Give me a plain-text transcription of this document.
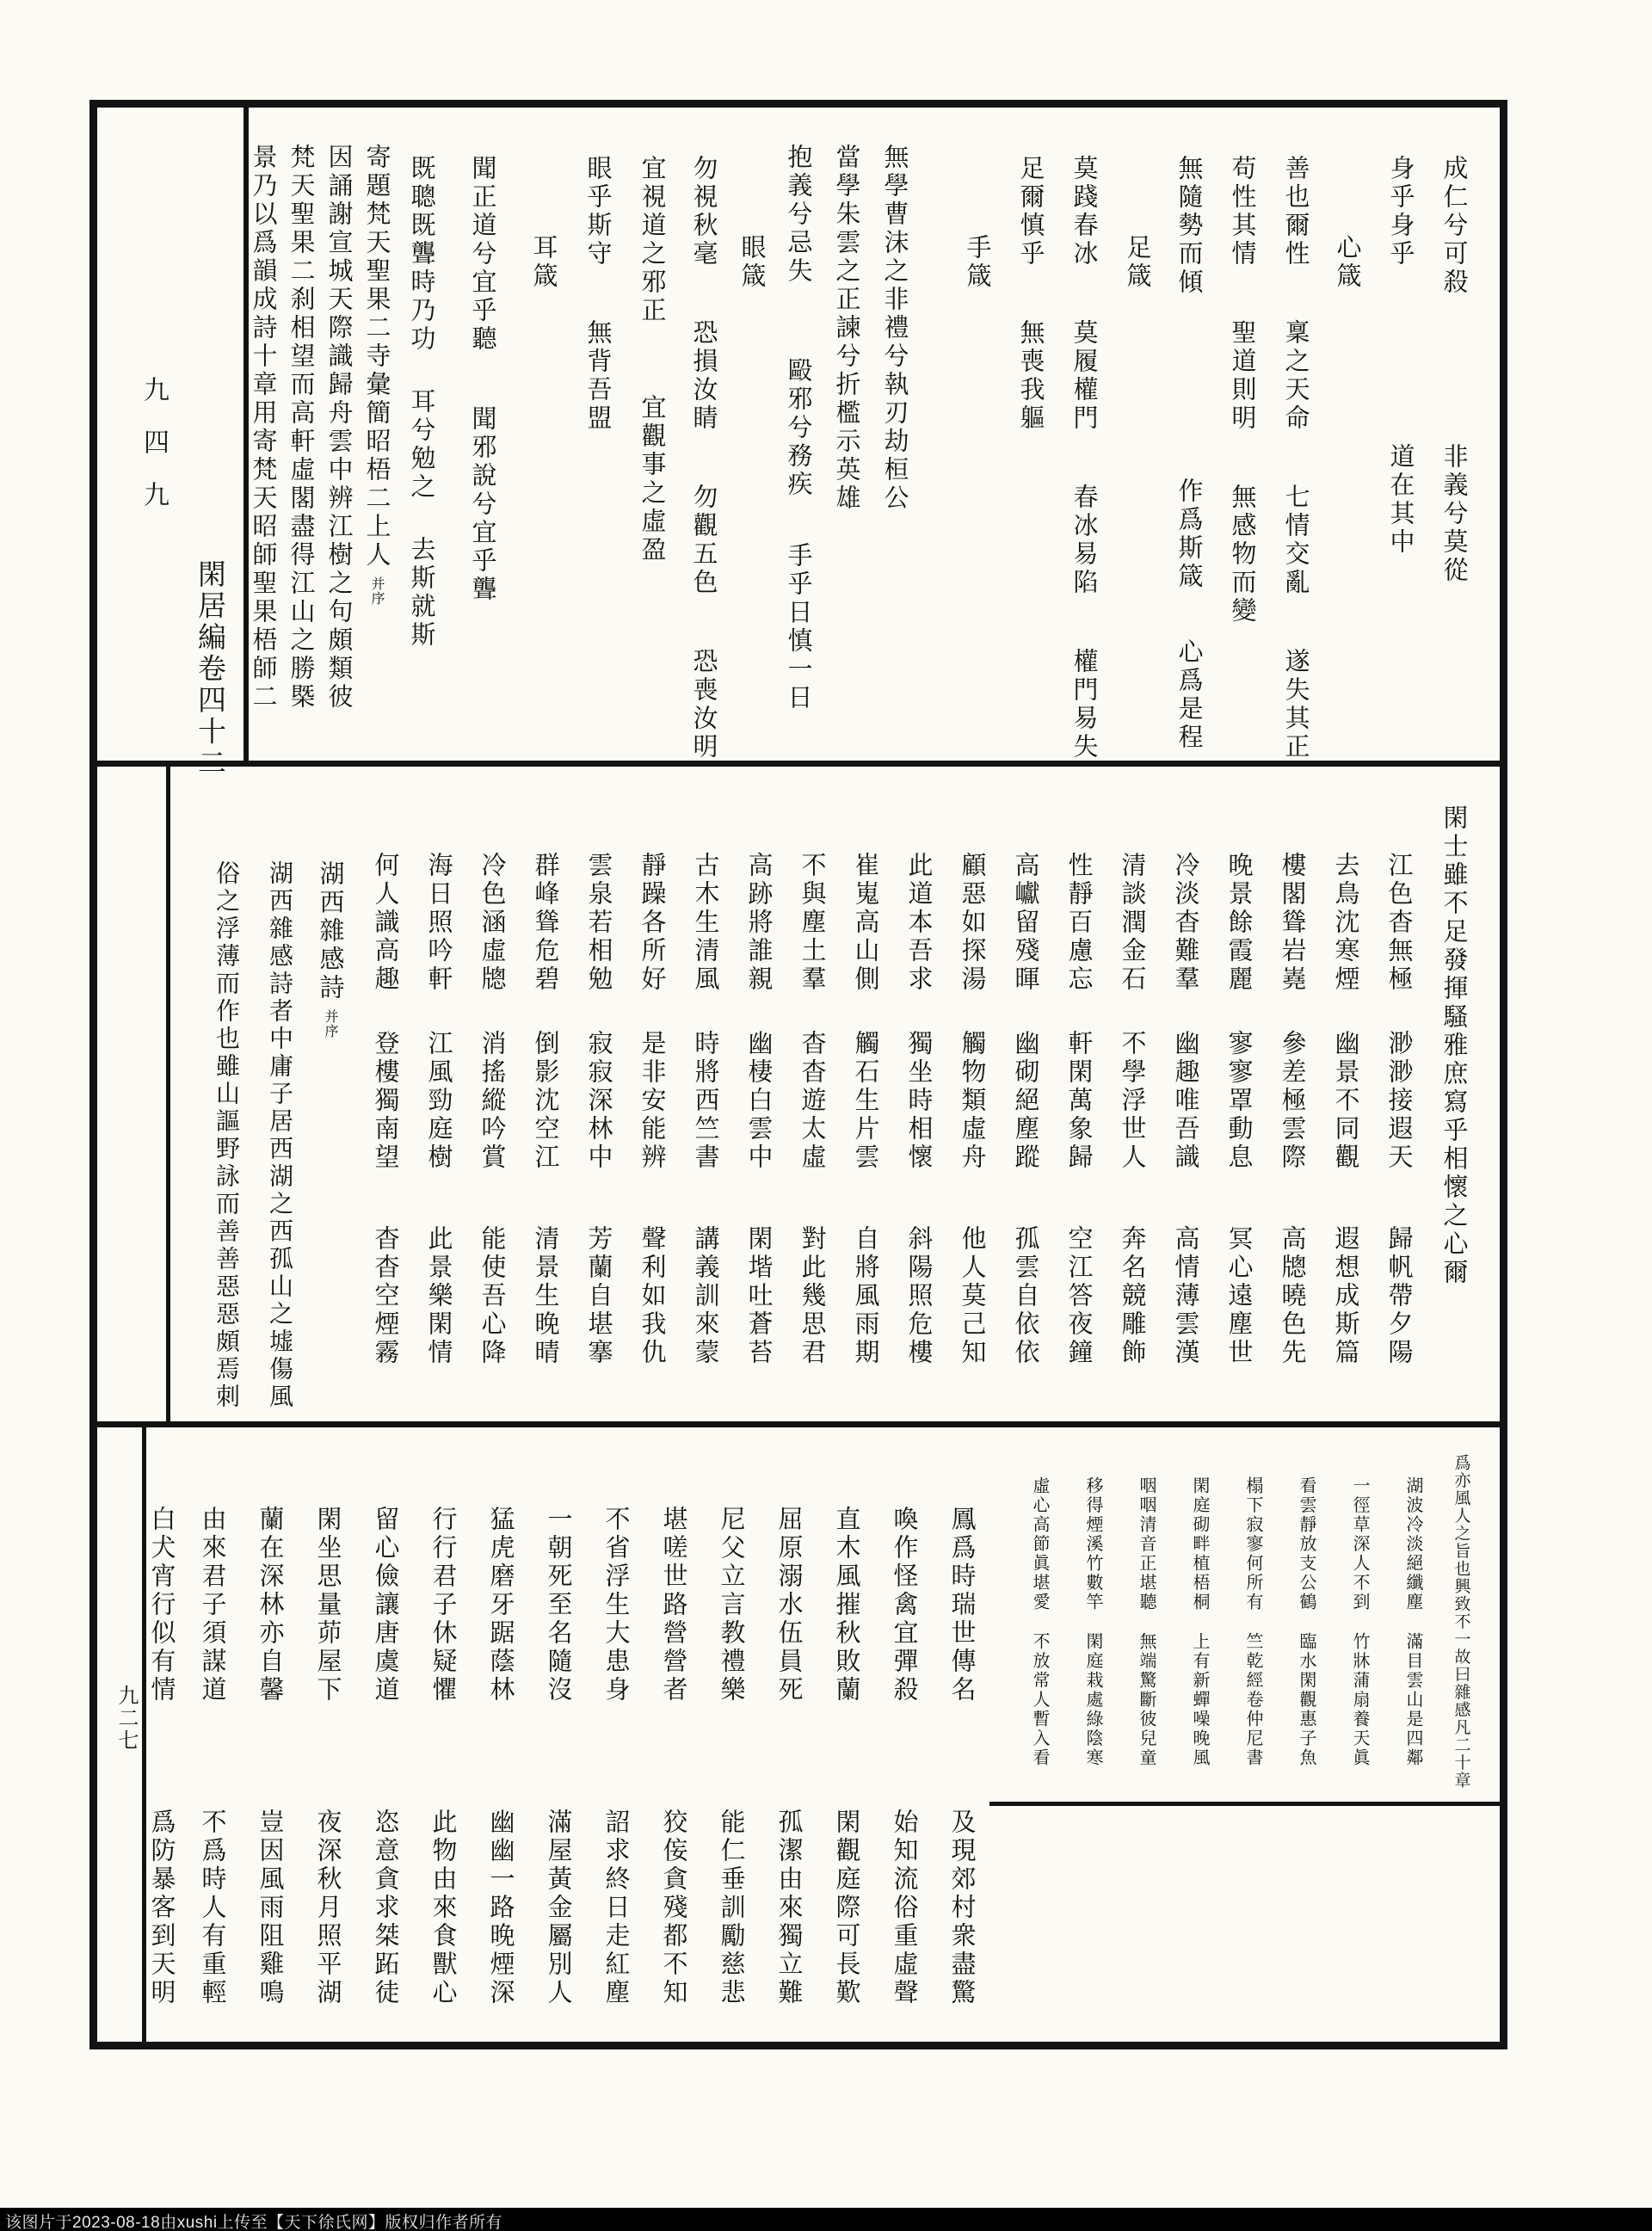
九四九
閑居編卷四十二
九二七
成仁兮可殺
非義兮莫從
身乎身乎
道在其中
心箴
善也爾性
稟之天命
七情交亂
遂失其正
苟性其情
聖道則明
無感物而變
無隨勢而傾
作爲斯箴
心爲是程
足箴
莫踐春冰
莫履權門
春冰易陷
權門易失
足爾慎乎
無喪我軀
手箴
無學曹沫之非禮兮執刃劫桓公
當學朱雲之正諫兮折檻示英雄
抱義兮忌失
毆邪兮務疾
手乎日慎一日
眼箴
勿視秋毫
恐損汝睛
勿觀五色
恐喪汝明
宜視道之邪正
宜觀事之虛盈
眼乎斯守
無背吾盟
耳箴
聞正道兮宜乎聽
聞邪說兮宜乎聾
既聰既聾時乃功
耳兮勉之
去斯就斯
寄題梵天聖果二寺彙簡昭梧二上人
并序
因誦謝宣城天際識歸舟雲中辨江樹之句頗類彼
梵天聖果二刹相望而高軒虛閣盡得江山之勝槩
景乃以爲韻成詩十章用寄梵天昭師聖果梧師二
閑士雖不足發揮騷雅庶寫乎相懷之心爾
江色杳無極
渺渺接遐天
歸帆帶夕陽
去鳥沈寒煙
幽景不同觀
遐想成斯篇
樓閣聳岩嶤
參差極雲際
高牕曉色先
晚景餘霞麗
寥寥罩動息
冥心遠塵世
冷淡杳難羣
幽趣唯吾識
高情薄雲漢
清談潤金石
不學浮世人
奔名競雕飾
性靜百慮忘
軒閑萬象歸
空江答夜鐘
高巘留殘暉
幽砌絕塵蹤
孤雲自依依
顧惡如探湯
觸物類虛舟
他人莫己知
此道本吾求
獨坐時相懷
斜陽照危樓
崔嵬高山側
觸石生片雲
自將風雨期
不與塵土羣
杳杳遊太虛
對此幾思君
高跡將誰親
幽棲白雲中
閑堦吐蒼苔
古木生清風
時將西竺書
講義訓來蒙
靜躁各所好
是非安能辨
聲利如我仇
雲泉若相勉
寂寂深林中
芳蘭自堪搴
群峰聳危碧
倒影沈空江
清景生晚晴
冷色涵虛牕
消搖縱吟賞
能使吾心降
海日照吟軒
江風勁庭樹
此景樂閑情
何人識高趣
登樓獨南望
杳杳空煙霧
湖西雜感詩
并序
湖西雜感詩者中庸子居西湖之西孤山之墟傷風
俗之浮薄而作也雖山謳野詠而善善惡惡頗焉刺
爲亦風人之旨也興致不一故曰雜感凡二十章
湖波冷淡絕纖塵
滿目雲山是四鄰
一徑草深人不到
竹牀蒲扇養天眞
看雲靜放支公鶴
臨水閑觀惠子魚
榻下寂寥何所有
竺乾經卷仲尼書
閑庭砌畔植梧桐
上有新蟬噪晚風
咽咽清音正堪聽
無端驚斷彼兒童
移得煙溪竹數竿
閑庭栽處綠陰寒
虛心高節眞堪愛
不放常人暫入看
鳳爲時瑞世傳名
及現郊村衆盡驚
喚作怪禽宜彈殺
始知流俗重虛聲
直木風摧秋敗蘭
閑觀庭際可長歎
屈原溺水伍員死
孤潔由來獨立難
尼父立言教禮樂
能仁垂訓勵慈悲
堪嗟世路營營者
狡侫貪殘都不知
不省浮生大患身
詔求終日走紅塵
一朝死至名隨沒
滿屋黃金屬別人
猛虎磨牙踞蔭林
幽幽一路晚煙深
行行君子休疑懼
此物由來食獸心
留心儉讓唐虞道
恣意貪求桀跖徒
閑坐思量茆屋下
夜深秋月照平湖
蘭在深林亦自馨
豈因風雨阻雞鳴
由來君子須謀道
不爲時人有重輕
白犬宵行似有情
爲防暴客到天明
该图片于2023-08-18由xushi上传至【天下徐氏网】版权归作者所有
